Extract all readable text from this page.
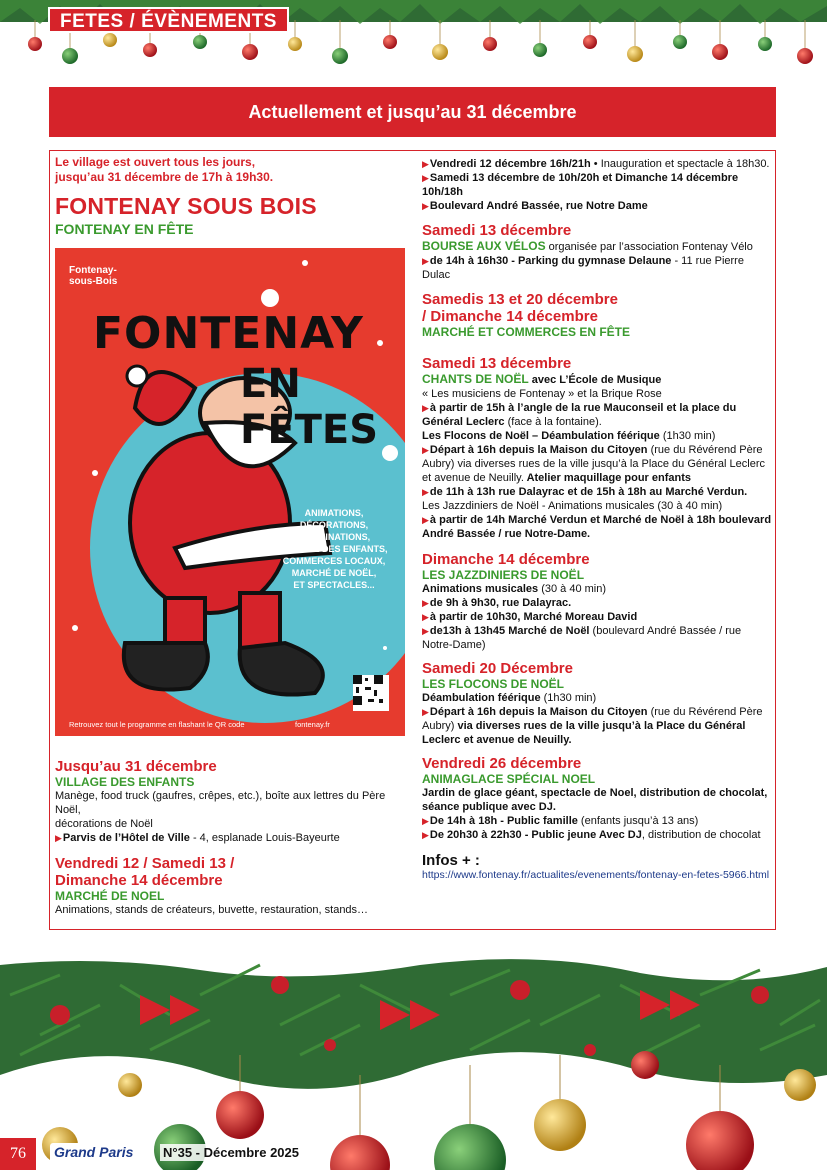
FETES / ÉVÈNEMENTS
Actuellement et jusqu’au 31 décembre
Le village est ouvert tous les jours,
jusqu’au 31 décembre de 17h à 19h30.
FONTENAY SOUS BOIS
FONTENAY EN FÊTE
Fontenay-
sous-Bois
FONTENAY
EN FÊTES
ANIMATIONS,
DÉCORATIONS,
ILLUMINATIONS,
VILLAGE DES ENFANTS,
COMMERCES LOCAUX,
MARCHÉ DE NOËL,
ET SPECTACLES...
Retrouvez tout le programme en flashant le QR code	fontenay.fr
Jusqu’au 31 décembre
VILLAGE DES ENFANTS
Manège, food truck (gaufres, crêpes, etc.), boîte aux lettres du Père Noël,
décorations de Noël
▶ Parvis de l’Hôtel de Ville - 4, esplanade Louis-Bayeurte
Vendredi 12 / Samedi 13 /
Dimanche 14 décembre
MARCHÉ DE NOEL
Animations, stands de créateurs, buvette, restauration, stands…
▶ Vendredi 12 décembre 16h/21h • Inauguration et spectacle à 18h30.
▶ Samedi 13 décembre de 10h/20h et Dimanche 14 décembre 10h/18h
▶ Boulevard André Bassée, rue Notre Dame
Samedi 13 décembre
BOURSE AUX VÉLOS organisée par l’association Fontenay Vélo
▶ de 14h à 16h30 - Parking du gymnase Delaune - 11 rue Pierre Dulac
Samedis 13 et 20 décembre
/ Dimanche 14 décembre
MARCHÉ ET COMMERCES EN FÊTE
Samedi 13 décembre
CHANTS DE NOËL avec L’École de Musique
« Les musiciens de Fontenay » et la Brique Rose
▶ à partir de 15h à l’angle de la rue Mauconseil et la place du Général Leclerc (face à la fontaine).
Les Flocons de Noël – Déambulation féérique (1h30 min)
▶ Départ à 16h depuis la Maison du Citoyen (rue du Révérend Père Aubry) via diverses rues de la ville jusqu’à la Place du Général Leclerc et avenue de Neuilly. Atelier maquillage pour enfants
▶ de 11h à 13h rue Dalayrac et de 15h à 18h au Marché Verdun.
Les Jazzdiniers de Noël - Animations musicales (30 à 40 min)
▶ à partir de 14h Marché Verdun et Marché de Noël à 18h boulevard André Bassée / rue Notre-Dame.
Dimanche 14 décembre
LES JAZZDINIERS DE NOËL
Animations musicales (30 à 40 min)
▶ de 9h à 9h30, rue Dalayrac.
▶ à partir de 10h30, Marché Moreau David
▶ de13h à 13h45 Marché de Noël (boulevard André Bassée / rue Notre-Dame)
Samedi 20 Décembre
LES FLOCONS DE NOËL
Déambulation féérique (1h30 min)
▶ Départ à 16h depuis la Maison du Citoyen (rue du Révérend Père Aubry) via diverses rues de la ville jusqu’à la Place du Général Leclerc et avenue de Neuilly.
Vendredi 26 décembre
ANIMAGLACE SPÉCIAL NOEL
Jardin de glace géant, spectacle de Noel, distribution de chocolat, séance publique avec DJ.
▶ De 14h à 18h - Public famille (enfants jusqu’à 13 ans)
▶ De 20h30 à 22h30 - Public jeune Avec DJ, distribution de chocolat
Infos + :
https://www.fontenay.fr/actualites/evenements/fontenay-en-fetes-5966.html
76	Grand Paris N°35 - Décembre 2025
